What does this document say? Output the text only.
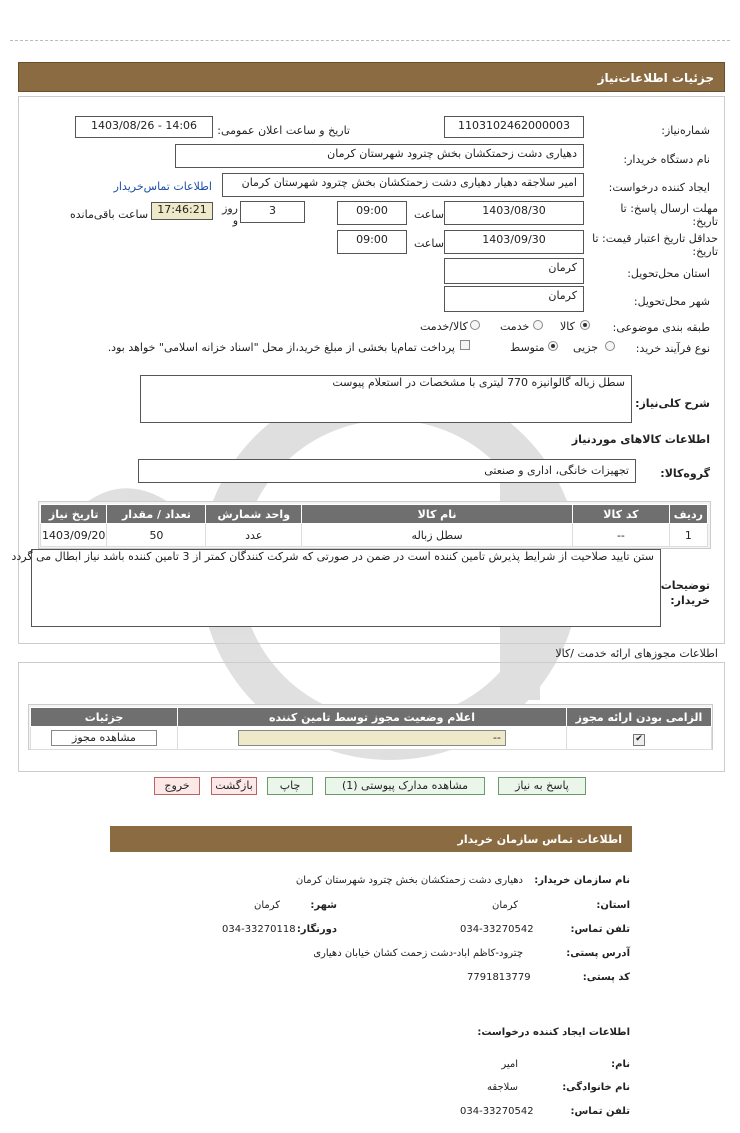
جزئیات اطلاعات‌نیاز
شماره‌نیاز:
1103102462000003
تاریخ و ساعت اعلان عمومی:
1403/08/26 - 14:06
نام دستگاه خریدار:
دهیاری دشت زحمتکشان بخش چترود شهرستان کرمان
ایجاد کننده درخواست:
امیر سلاجقه دهیار دهیاری دشت زحمتکشان بخش چترود شهرستان کرمان
اطلاعات تماس‌خریدار
مهلت ارسال پاسخ: تا تاریخ:
1403/08/30
ساعت
09:00
3
روز و
17:46:21
ساعت باقی‌مانده
حداقل تاریخ اعتبار قیمت: تا تاریخ:
1403/09/30
ساعت
09:00
استان محل‌تحویل:
کرمان
شهر محل‌تحویل:
کرمان
طبقه بندی موضوعی:
کالا
خدمت
کالا/خدمت
نوع فرآیند خرید:
جزیی
متوسط
پرداخت تمام‌یا بخشی از مبلغ خرید،از محل "اسناد خزانه اسلامی" خواهد بود.
شرح کلی‌نیاز:
سطل زباله گالوانیزه 770 لیتری با مشخصات در استعلام پیوست
اطلاعات کالاهای موردنیاز
گروه‌کالا:
تجهیزات خانگی، اداری و صنعتی
ردیف	کد کالا	نام کالا	واحد شمارش	تعداد / مقدار	تاریخ نیاز
1	--	سطل زباله	عدد	50	1403/09/20
توضیحات خریدار:
ستن تایید صلاحیت از شرایط پذیرش تامین کننده است در ضمن در صورتی که شرکت کنندگان کمتر از 3 تامین کننده باشد نیاز ابطال می گردد
اطلاعات مجوزهای ارائه خدمت /کالا
الزامی بودن ارائه مجوز	اعلام وضعیت مجوز توسط تامین کننده	جزئیات
✔	--	مشاهده مجوز
پاسخ به نیاز
مشاهده مدارک پیوستی (1)
چاپ
بازگشت
خروج
اطلاعات تماس سازمان خریدار
نام سازمان خریدار:
دهیاری دشت زحمتکشان بخش چترود شهرستان کرمان
استان:
کرمان
شهر:
کرمان
تلفن تماس:
034-33270542
دورنگار:
034-33270118
آدرس پستی:
چترود-کاظم اباد-دشت زحمت کشان خیابان دهیاری
کد پستی:
7791813779
اطلاعات ایجاد کننده درخواست:
نام:
امیر
نام خانوادگی:
سلاجقه
تلفن تماس:
034-33270542
